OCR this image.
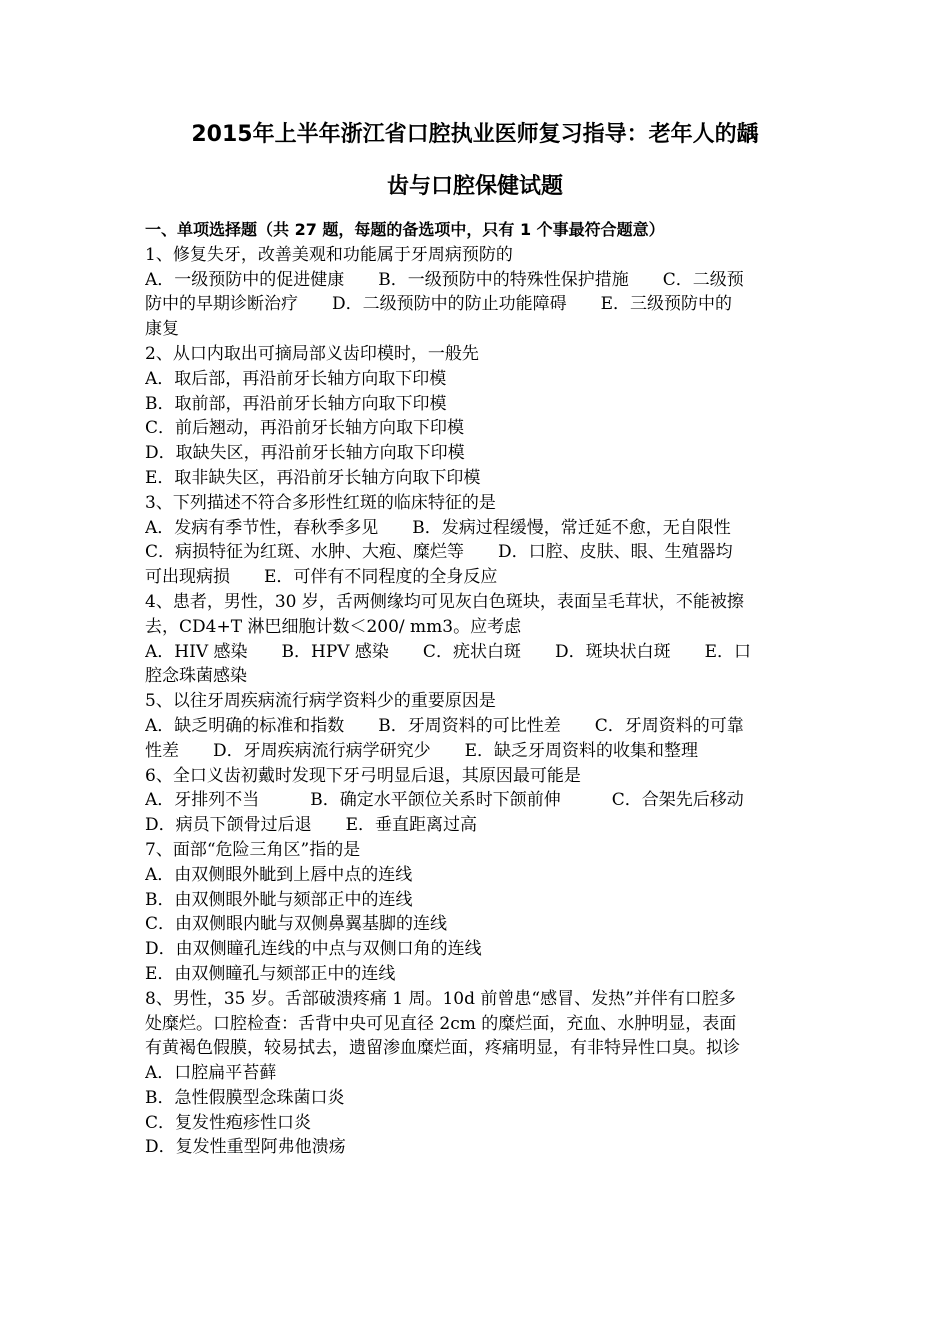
2015年上半年浙江省口腔执业医师复习指导：老年人的龋
齿与口腔保健试题
一、单项选择题（共 27 题，每题的备选项中，只有 1 个事最符合题意）
1、修复失牙，改善美观和功能属于牙周病预防的
A．一级预防中的促进健康　　B．一级预防中的特殊性保护措施　　C．二级预
防中的早期诊断治疗　　D．二级预防中的防止功能障碍　　E．三级预防中的
康复
2、从口内取出可摘局部义齿印模时，一般先
A．取后部，再沿前牙长轴方向取下印模
B．取前部，再沿前牙长轴方向取下印模
C．前后翘动，再沿前牙长轴方向取下印模
D．取缺失区，再沿前牙长轴方向取下印模
E．取非缺失区，再沿前牙长轴方向取下印模
3、下列描述不符合多形性红斑的临床特征的是
A．发病有季节性，春秋季多见　　B．发病过程缓慢，常迁延不愈，无自限性
C．病损特征为红斑、水肿、大疱、糜烂等　　D．口腔、皮肤、眼、生殖器均
可出现病损　　E．可伴有不同程度的全身反应
4、患者，男性，30 岁，舌两侧缘均可见灰白色斑块，表面呈毛茸状，不能被擦
去，CD4+T 淋巴细胞计数＜200/ mm3。应考虑
A．HIV 感染　　B．HPV 感染　　C．疣状白斑　　D．斑块状白斑　　E．口
腔念珠菌感染
5、以往牙周疾病流行病学资料少的重要原因是
A．缺乏明确的标准和指数　　B．牙周资料的可比性差　　C．牙周资料的可靠
性差　　D．牙周疾病流行病学研究少　　E．缺乏牙周资料的收集和整理
6、全口义齿初戴时发现下牙弓明显后退，其原因最可能是
A．牙排列不当　　　B．确定水平颌位关系时下颌前伸　　　C．合架先后移动
D．病员下颌骨过后退　　E．垂直距离过高
7、面部“危险三角区”指的是
A．由双侧眼外眦到上唇中点的连线
B．由双侧眼外眦与颏部正中的连线
C．由双侧眼内眦与双侧鼻翼基脚的连线
D．由双侧瞳孔连线的中点与双侧口角的连线
E．由双侧瞳孔与颏部正中的连线
8、男性，35 岁。舌部破溃疼痛 1 周。10d 前曾患“感冒、发热”并伴有口腔多
处糜烂。口腔检查：舌背中央可见直径 2cm 的糜烂面，充血、水肿明显，表面
有黄褐色假膜，较易拭去，遗留渗血糜烂面，疼痛明显，有非特异性口臭。拟诊
A．口腔扁平苔藓
B．急性假膜型念珠菌口炎
C．复发性疱疹性口炎
D．复发性重型阿弗他溃疡
